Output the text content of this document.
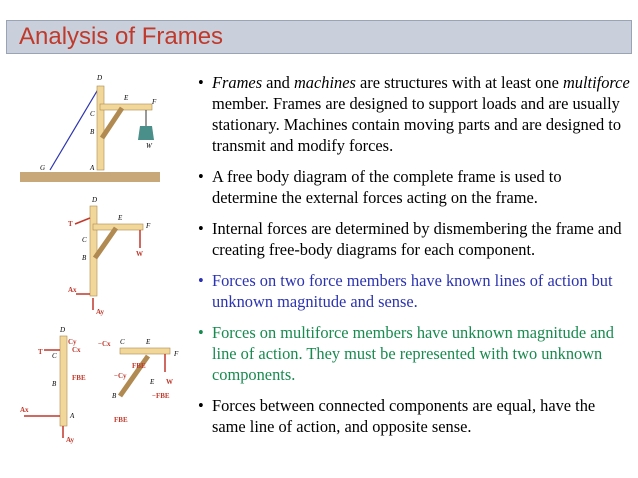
Analysis of Frames
D
E	F
C
B
W
G	A
D
E
F
C
B
T
W
Ax
Ay
D
Cy
Cx
C
T
B
FBE
Ax
A
Ay
−Cx C	E
F
FBE
−Cy
E W
B	−FBE
FBE
• Frames and machines are structures with at least one multiforce member. Frames are designed to support loads and are usually stationary. Machines contain moving parts and are designed to transmit and modify forces.
• A free body diagram of the complete frame is used to determine the external forces acting on the frame.
• Internal forces are determined by dismembering the frame and creating free-body diagrams for each component.
• Forces on two force members have known lines of action but unknown magnitude and sense.
• Forces on multiforce members have unknown magnitude and line of action. They must be represented with two unknown components.
• Forces between connected components are equal, have the same line of action, and opposite sense.
